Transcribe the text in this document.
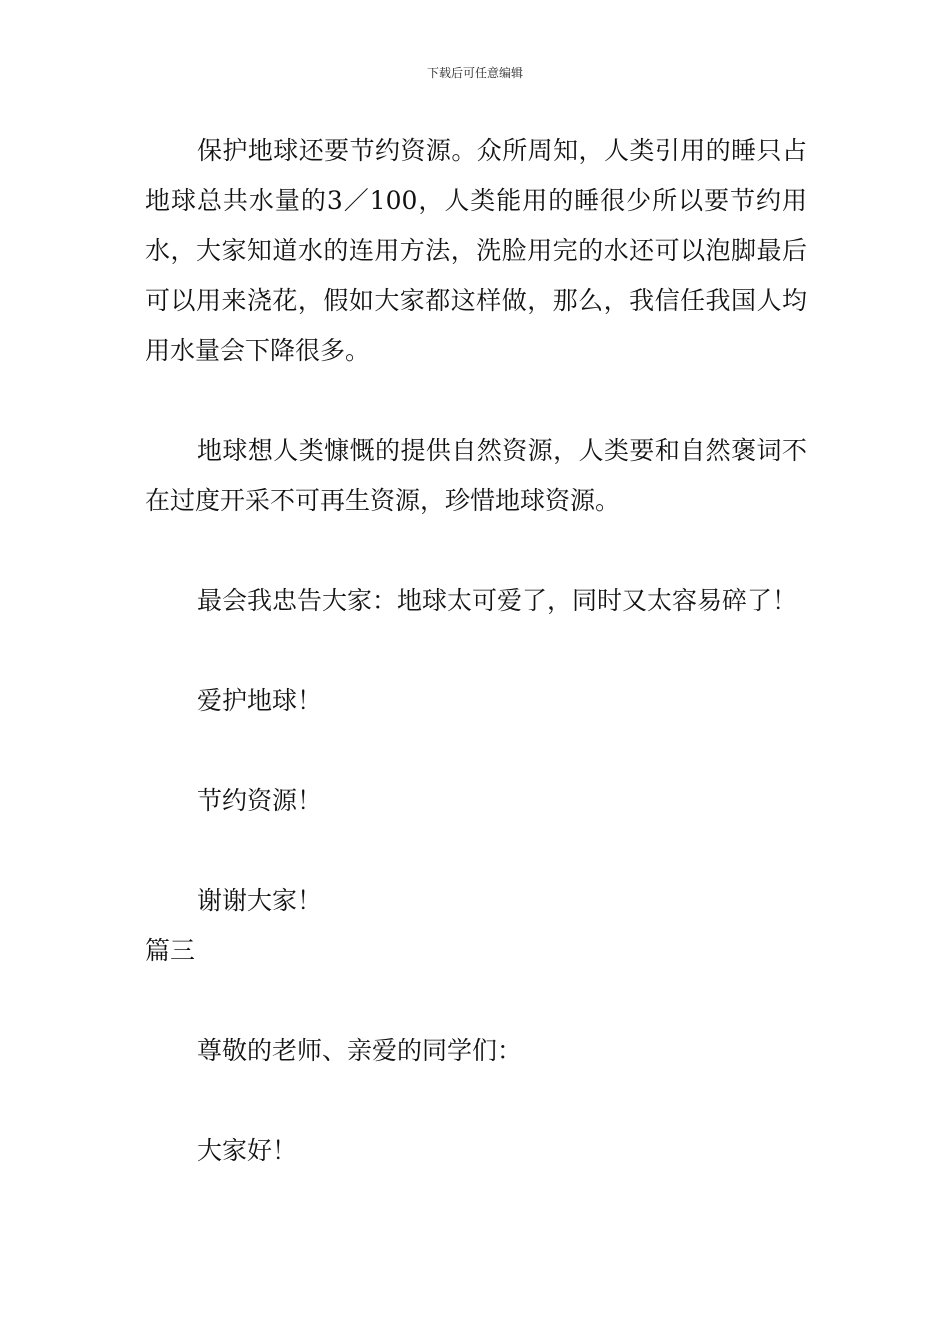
下载后可任意编辑

保护地球还要节约资源。众所周知，人类引用的睡只占地球总共水量的3／100，人类能用的睡很少所以要节约用水，大家知道水的连用方法，洗脸用完的水还可以泡脚最后可以用来浇花，假如大家都这样做，那么，我信任我国人均用水量会下降很多。

地球想人类慷慨的提供自然资源，人类要和自然褒词不在过度开采不可再生资源，珍惜地球资源。

最会我忠告大家：地球太可爱了，同时又太容易碎了！

爱护地球！

节约资源！

谢谢大家！

篇三

尊敬的老师、亲爱的同学们：

大家好！
